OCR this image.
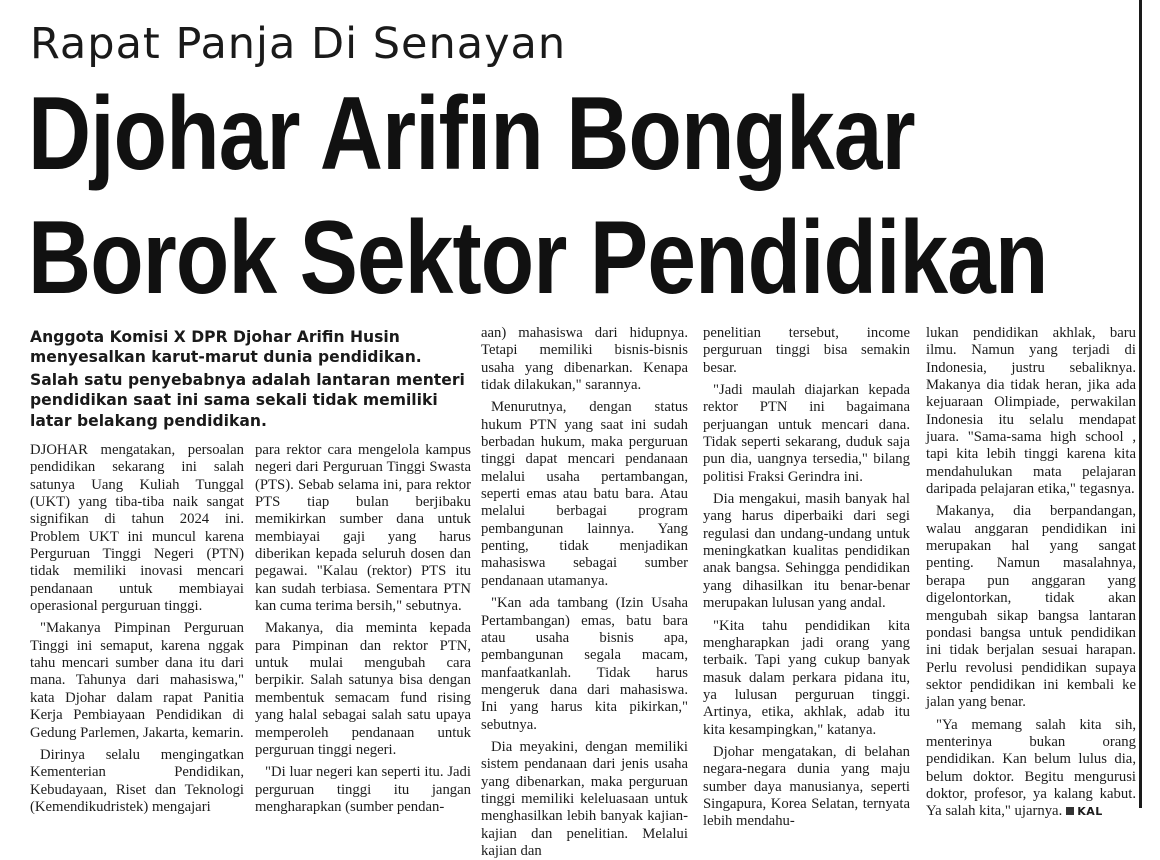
Rapat Panja Di Senayan
Djohar Arifin Bongkar
Borok Sektor Pendidikan

Anggota Komisi X DPR Djohar Arifin Husin menyesalkan karut-marut dunia pendidikan.

Salah satu penyebabnya adalah lantaran menteri pendidikan saat ini sama sekali tidak memiliki latar belakang pendidikan.

DJOHAR mengatakan, persoalan pendidikan sekarang ini salah satunya Uang Kuliah Tunggal (UKT) yang tiba-tiba naik sangat signifikan di tahun 2024 ini. Problem UKT ini muncul karena Perguruan Tinggi Negeri (PTN) tidak memiliki inovasi mencari pendanaan untuk membiayai operasional perguruan tinggi.

"Makanya Pimpinan Perguruan Tinggi ini semaput, karena nggak tahu mencari sumber dana itu dari mana. Tahunya dari mahasiswa," kata Djohar dalam rapat Panitia Kerja Pembiayaan Pendidikan di Gedung Parlemen, Jakarta, kemarin.

Dirinya selalu mengingatkan Kementerian Pendidikan, Kebudayaan, Riset dan Teknologi (Kemendikudristek) mengajari

para rektor cara mengelola kampus negeri dari Perguruan Tinggi Swasta (PTS). Sebab selama ini, para rektor PTS tiap bulan berjibaku memikirkan sumber dana untuk membiayai gaji yang harus diberikan kepada seluruh dosen dan pegawai. "Kalau (rektor) PTS itu kan sudah terbiasa. Sementara PTN kan cuma terima bersih," sebutnya.

Makanya, dia meminta kepada para Pimpinan dan rektor PTN, untuk mulai mengubah cara berpikir. Salah satunya bisa dengan membentuk semacam fund rising yang halal sebagai salah satu upaya memperoleh pendanaan untuk perguruan tinggi negeri.

"Di luar negeri kan seperti itu. Jadi perguruan tinggi itu jangan mengharapkan (sumber pendan-

aan) mahasiswa dari hidupnya. Tetapi memiliki bisnis-bisnis usaha yang dibenarkan. Kenapa tidak dilakukan," sarannya.

Menurutnya, dengan status hukum PTN yang saat ini sudah berbadan hukum, maka perguruan tinggi dapat mencari pendanaan melalui usaha pertambangan, seperti emas atau batu bara. Atau melalui berbagai program pembangunan lainnya. Yang penting, tidak menjadikan mahasiswa sebagai sumber pendanaan utamanya.

"Kan ada tambang (Izin Usaha Pertambangan) emas, batu bara atau usaha bisnis apa, pembangunan segala macam, manfaatkanlah. Tidak harus mengeruk dana dari mahasiswa. Ini yang harus kita pikirkan," sebutnya.

Dia meyakini, dengan memiliki sistem pendanaan dari jenis usaha yang dibenarkan, maka perguruan tinggi memiliki keleluasaan untuk menghasilkan lebih banyak kajian-kajian dan penelitian. Melalui kajian dan

penelitian tersebut, income perguruan tinggi bisa semakin besar.

"Jadi maulah diajarkan kepada rektor PTN ini bagaimana perjuangan untuk mencari dana. Tidak seperti sekarang, duduk saja pun dia, uangnya tersedia," bilang politisi Fraksi Gerindra ini.

Dia mengakui, masih banyak hal yang harus diperbaiki dari segi regulasi dan undang-undang untuk meningkatkan kualitas pendidikan anak bangsa. Sehingga pendidikan yang dihasilkan itu benar-benar merupakan lulusan yang andal.

"Kita tahu pendidikan kita mengharapkan jadi orang yang terbaik. Tapi yang cukup banyak masuk dalam perkara pidana itu, ya lulusan perguruan tinggi. Artinya, etika, akhlak, adab itu kita kesampingkan," katanya.

Djohar mengatakan, di belahan negara-negara dunia yang maju sumber daya manusianya, seperti Singapura, Korea Selatan, ternyata lebih mendahu-

lukan pendidikan akhlak, baru ilmu. Namun yang terjadi di Indonesia, justru sebaliknya. Makanya dia tidak heran, jika ada kejuaraan Olimpiade, perwakilan Indonesia itu selalu mendapat juara. "Sama-sama high school , tapi kita lebih tinggi karena kita mendahulukan mata pelajaran daripada pelajaran etika," tegasnya.

Makanya, dia berpandangan, walau anggaran pendidikan ini merupakan hal yang sangat penting. Namun masalahnya, berapa pun anggaran yang digelontorkan, tidak akan mengubah sikap bangsa lantaran pondasi bangsa untuk pendidikan ini tidak berjalan sesuai harapan. Perlu revolusi pendidikan supaya sektor pendidikan ini kembali ke jalan yang benar.

"Ya memang salah kita sih, menterinya bukan orang pendidikan. Kan belum lulus dia, belum doktor. Begitu mengurusi doktor, profesor, ya kalang kabut. Ya salah kita," ujarnya. KAL
